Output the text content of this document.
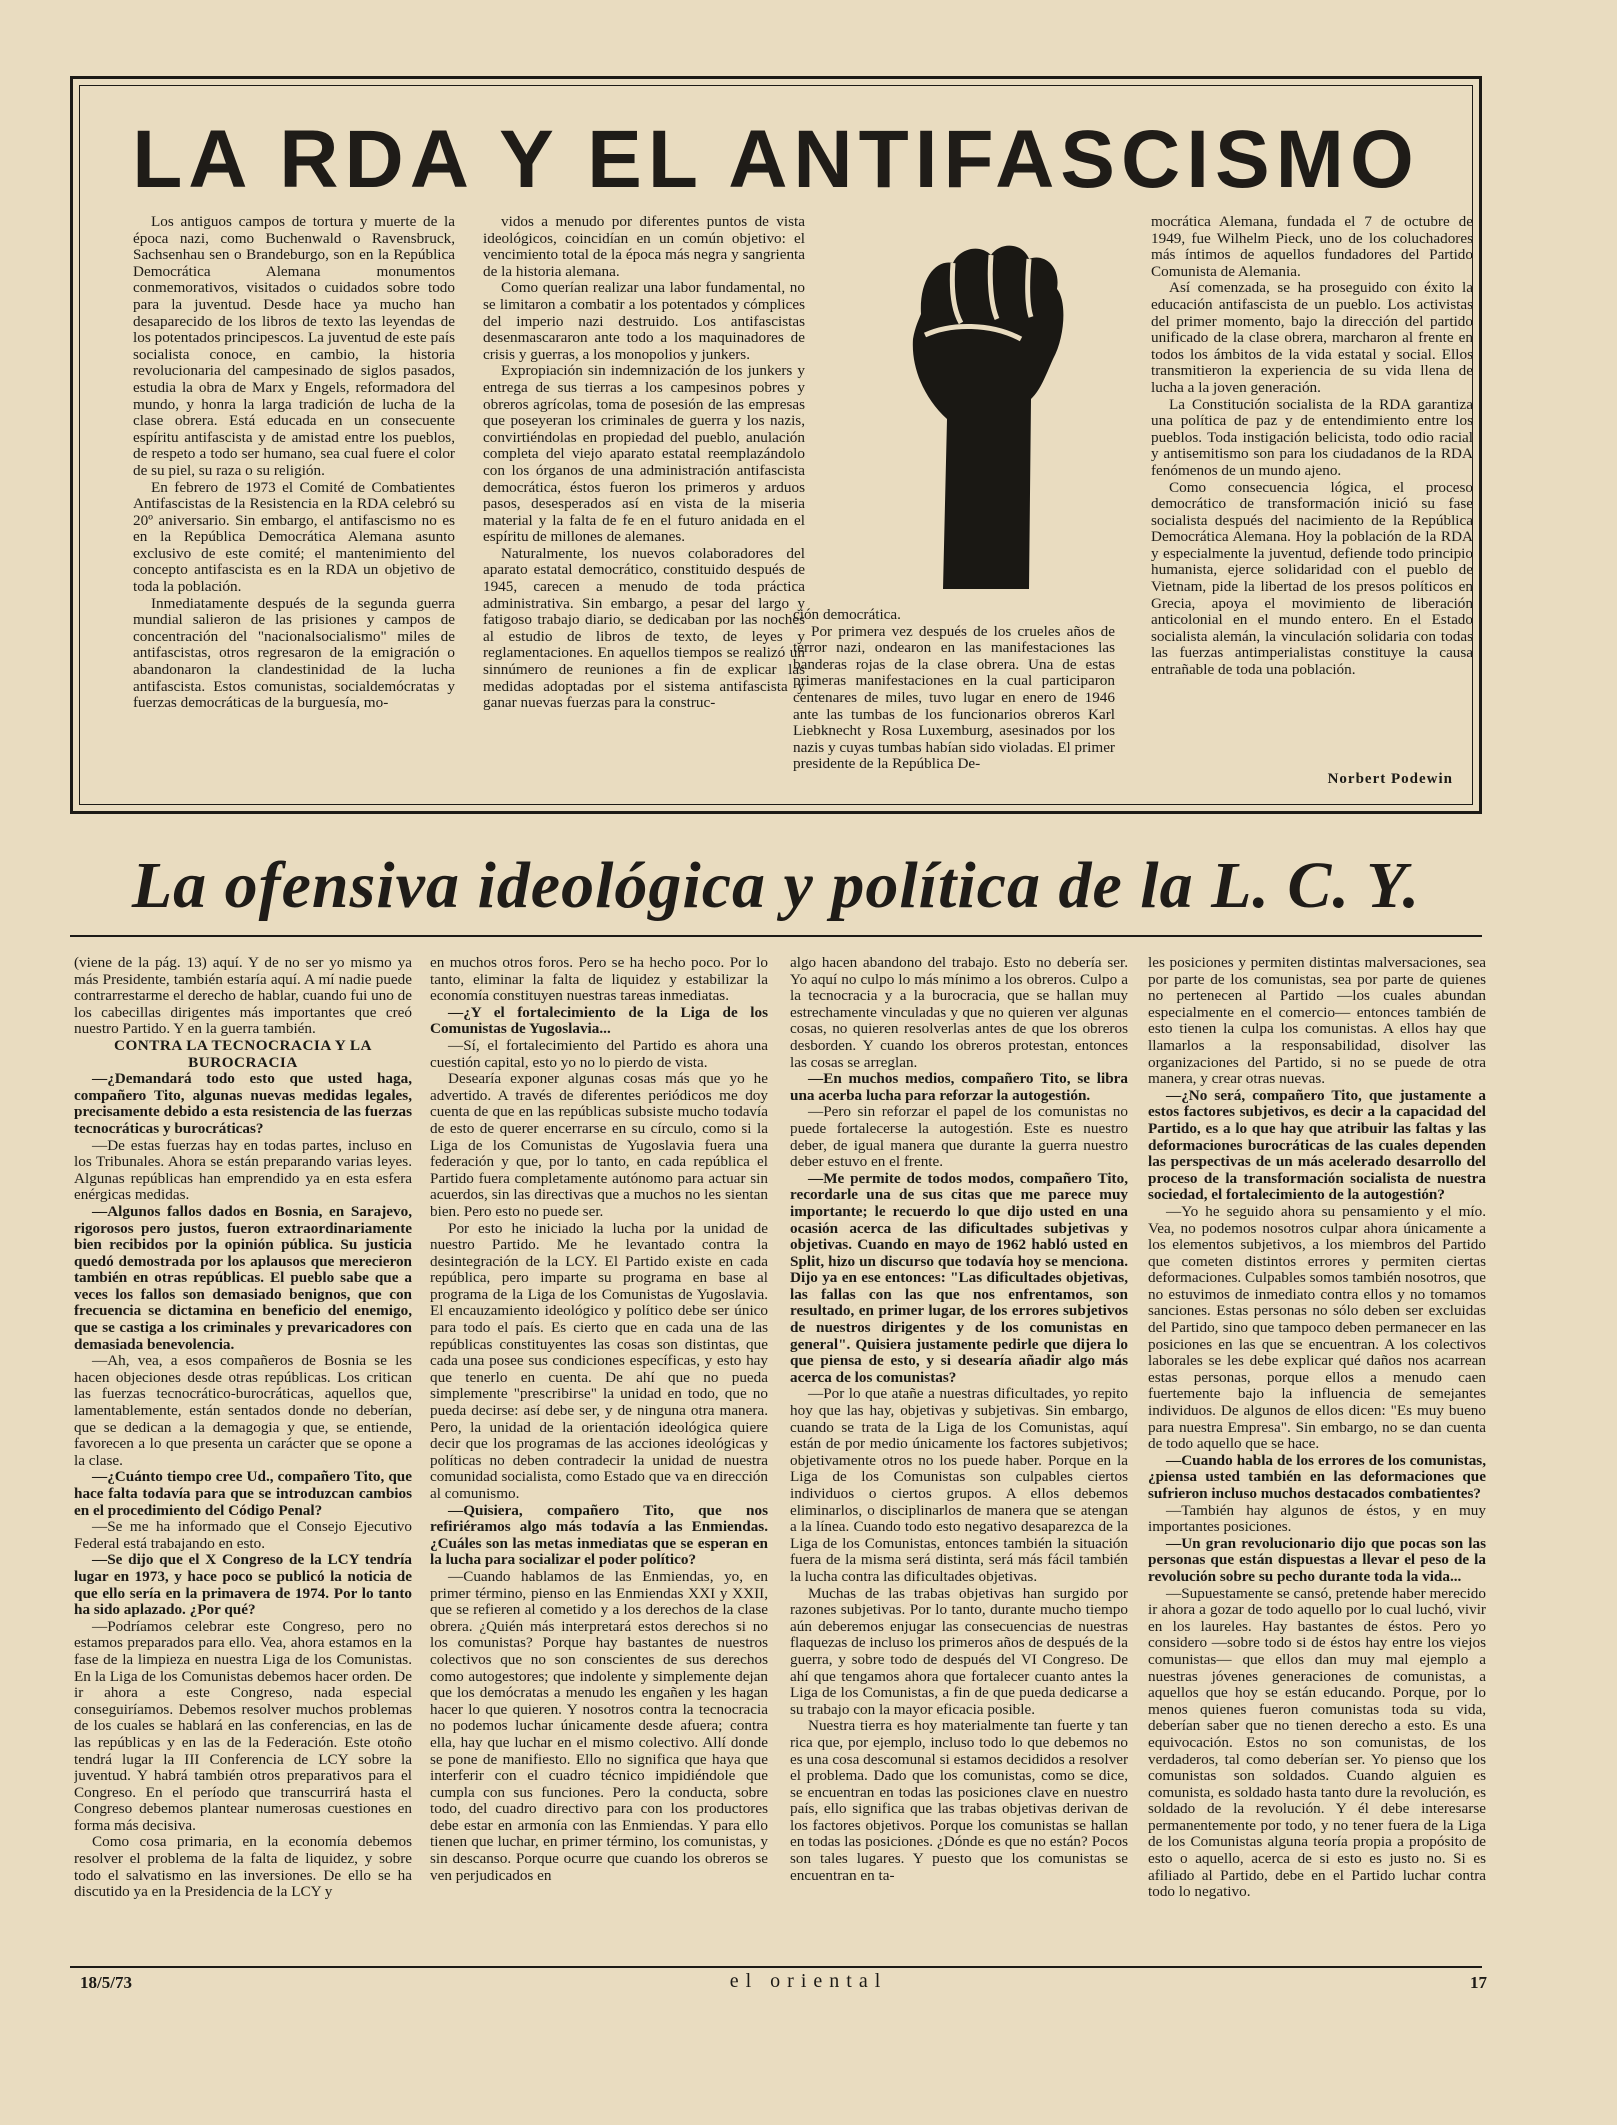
LA RDA Y EL ANTIFASCISMO

Los antiguos campos de tortura y muerte de la época nazi, como Buchenwald o Ravensbruck, Sachsenhau sen o Brandeburgo, son en la República Democrática Alemana monumentos conmemorativos, visitados o cuidados sobre todo para la juventud. Desde hace ya mucho han desaparecido de los libros de texto las leyendas de los potentados principescos. La juventud de este país socialista conoce, en cambio, la historia revolucionaria del campesinado de siglos pasados, estudia la obra de Marx y Engels, reformadora del mundo, y honra la larga tradición de lucha de la clase obrera. Está educada en un consecuente espíritu antifascista y de amistad entre los pueblos, de respeto a todo ser humano, sea cual fuere el color de su piel, su raza o su religión.

En febrero de 1973 el Comité de Combatientes Antifascistas de la Resistencia en la RDA celebró su 20º aniversario. Sin embargo, el antifascismo no es en la República Democrática Alemana asunto exclusivo de este comité; el mantenimiento del concepto antifascista es en la RDA un objetivo de toda la población.

Inmediatamente después de la segunda guerra mundial salieron de las prisiones y campos de concentración del "nacionalsocialismo" miles de antifascistas, otros regresaron de la emigración o abandonaron la clandestinidad de la lucha antifascista. Estos comunistas, socialdemócratas y fuerzas democráticas de la burguesía, mo-

vidos a menudo por diferentes puntos de vista ideológicos, coincidían en un común objetivo: el vencimiento total de la época más negra y sangrienta de la historia alemana.

Como querían realizar una labor fundamental, no se limitaron a combatir a los potentados y cómplices del imperio nazi destruido. Los antifascistas desenmascararon ante todo a los maquinadores de crisis y guerras, a los monopolios y junkers.

Expropiación sin indemnización de los junkers y entrega de sus tierras a los campesinos pobres y obreros agrícolas, toma de posesión de las empresas que poseyeran los criminales de guerra y los nazis, convirtiéndolas en propiedad del pueblo, anulación completa del viejo aparato estatal reemplazándolo con los órganos de una administración antifascista democrática, éstos fueron los primeros y arduos pasos, desesperados así en vista de la miseria material y la falta de fe en el futuro anidada en el espíritu de millones de alemanes.

Naturalmente, los nuevos colaboradores del aparato estatal democrático, constituido después de 1945, carecen a menudo de toda práctica administrativa. Sin embargo, a pesar del largo y fatigoso trabajo diario, se dedicaban por las noches al estudio de libros de texto, de leyes y reglamentaciones. En aquellos tiempos se realizó un sinnúmero de reuniones a fin de explicar las medidas adoptadas por el sistema antifascista y ganar nuevas fuerzas para la construc-

ción democrática.

Por primera vez después de los crueles años de terror nazi, ondearon en las manifestaciones las banderas rojas de la clase obrera. Una de estas primeras manifestaciones en la cual participaron centenares de miles, tuvo lugar en enero de 1946 ante las tumbas de los funcionarios obreros Karl Liebknecht y Rosa Luxemburg, asesinados por los nazis y cuyas tumbas habían sido violadas. El primer presidente de la República De-

mocrática Alemana, fundada el 7 de octubre de 1949, fue Wilhelm Pieck, uno de los coluchadores más íntimos de aquellos fundadores del Partido Comunista de Alemania.

Así comenzada, se ha proseguido con éxito la educación antifascista de un pueblo. Los activistas del primer momento, bajo la dirección del partido unificado de la clase obrera, marcharon al frente en todos los ámbitos de la vida estatal y social. Ellos transmitieron la experiencia de su vida llena de lucha a la joven generación.

La Constitución socialista de la RDA garantiza una política de paz y de entendimiento entre los pueblos. Toda instigación belicista, todo odio racial y antisemitismo son para los ciudadanos de la RDA fenómenos de un mundo ajeno.

Como consecuencia lógica, el proceso democrático de transformación inició su fase socialista después del nacimiento de la República Democrática Alemana. Hoy la población de la RDA y especialmente la juventud, defiende todo principio humanista, ejerce solidaridad con el pueblo de Vietnam, pide la libertad de los presos políticos en Grecia, apoya el movimiento de liberación anticolonial en el mundo entero. En el Estado socialista alemán, la vinculación solidaria con todas las fuerzas antimperialistas constituye la causa entrañable de toda una población.

Norbert Podewin
La ofensiva ideológica y política de la L. C. Y.

(viene de la pág. 13) aquí. Y de no ser yo mismo ya más Presidente, también estaría aquí. A mí nadie puede contrarrestarme el derecho de hablar, cuando fui uno de los cabecillas dirigentes más importantes que creó nuestro Partido. Y en la guerra también.

CONTRA LA TECNOCRACIA Y LA BUROCRACIA

—¿Demandará todo esto que usted haga, compañero Tito, algunas nuevas medidas legales, precisamente debido a esta resistencia de las fuerzas tecnocráticas y burocráticas?

—De estas fuerzas hay en todas partes, incluso en los Tribunales. Ahora se están preparando varias leyes. Algunas repúblicas han emprendido ya en esta esfera enérgicas medidas.

—Algunos fallos dados en Bosnia, en Sarajevo, rigorosos pero justos, fueron extraordinariamente bien recibidos por la opinión pública. Su justicia quedó demostrada por los aplausos que merecieron también en otras repúblicas. El pueblo sabe que a veces los fallos son demasiado benignos, que con frecuencia se dictamina en beneficio del enemigo, que se castiga a los criminales y prevaricadores con demasiada benevolencia.

—Ah, vea, a esos compañeros de Bosnia se les hacen objeciones desde otras repúblicas. Los critican las fuerzas tecnocrático-burocráticas, aquellos que, lamentablemente, están sentados donde no deberían, que se dedican a la demagogia y que, se entiende, favorecen a lo que presenta un carácter que se opone a la clase.

—¿Cuánto tiempo cree Ud., compañero Tito, que hace falta todavía para que se introduzcan cambios en el procedimiento del Código Penal?

—Se me ha informado que el Consejo Ejecutivo Federal está trabajando en esto.

—Se dijo que el X Congreso de la LCY tendría lugar en 1973, y hace poco se publicó la noticia de que ello sería en la primavera de 1974. Por lo tanto ha sido aplazado. ¿Por qué?

—Podríamos celebrar este Congreso, pero no estamos preparados para ello. Vea, ahora estamos en la fase de la limpieza en nuestra Liga de los Comunistas. En la Liga de los Comunistas debemos hacer orden. De ir ahora a este Congreso, nada especial conseguiríamos. Debemos resolver muchos problemas de los cuales se hablará en las conferencias, en las de las repúblicas y en las de la Federación. Este otoño tendrá lugar la III Conferencia de LCY sobre la juventud. Y habrá también otros preparativos para el Congreso. En el período que transcurrirá hasta el Congreso debemos plantear numerosas cuestiones en forma más decisiva.

Como cosa primaria, en la economía debemos resolver el problema de la falta de liquidez, y sobre todo el salvatismo en las inversiones. De ello se ha discutido ya en la Presidencia de la LCY y

en muchos otros foros. Pero se ha hecho poco. Por lo tanto, eliminar la falta de liquidez y estabilizar la economía constituyen nuestras tareas inmediatas.

—¿Y el fortalecimiento de la Liga de los Comunistas de Yugoslavia...

—Sí, el fortalecimiento del Partido es ahora una cuestión capital, esto yo no lo pierdo de vista.

Desearía exponer algunas cosas más que yo he advertido. A través de diferentes periódicos me doy cuenta de que en las repúblicas subsiste mucho todavía de esto de querer encerrarse en su círculo, como si la Liga de los Comunistas de Yugoslavia fuera una federación y que, por lo tanto, en cada república el Partido fuera completamente autónomo para actuar sin acuerdos, sin las directivas que a muchos no les sientan bien. Pero esto no puede ser.

Por esto he iniciado la lucha por la unidad de nuestro Partido. Me he levantado contra la desintegración de la LCY. El Partido existe en cada república, pero imparte su programa en base al programa de la Liga de los Comunistas de Yugoslavia. El encauzamiento ideológico y político debe ser único para todo el país. Es cierto que en cada una de las repúblicas constituyentes las cosas son distintas, que cada una posee sus condiciones específicas, y esto hay que tenerlo en cuenta. De ahí que no pueda simplemente "prescribirse" la unidad en todo, que no pueda decirse: así debe ser, y de ninguna otra manera. Pero, la unidad de la orientación ideológica quiere decir que los programas de las acciones ideológicas y políticas no deben contradecir la unidad de nuestra comunidad socialista, como Estado que va en dirección al comunismo.

—Quisiera, compañero Tito, que nos refiriéramos algo más todavía a las Enmiendas. ¿Cuáles son las metas inmediatas que se esperan en la lucha para socializar el poder político?

—Cuando hablamos de las Enmiendas, yo, en primer término, pienso en las Enmiendas XXI y XXII, que se refieren al cometido y a los derechos de la clase obrera. ¿Quién más interpretará estos derechos si no los comunistas? Porque hay bastantes de nuestros colectivos que no son conscientes de sus derechos como autogestores; que indolente y simplemente dejan que los demócratas a menudo les engañen y les hagan hacer lo que quieren. Y nosotros contra la tecnocracia no podemos luchar únicamente desde afuera; contra ella, hay que luchar en el mismo colectivo. Allí donde se pone de manifiesto. Ello no significa que haya que interferir con el cuadro técnico impidiéndole que cumpla con sus funciones. Pero la conducta, sobre todo, del cuadro directivo para con los productores debe estar en armonía con las Enmiendas. Y para ello tienen que luchar, en primer término, los comunistas, y sin descanso. Porque ocurre que cuando los obreros se ven perjudicados en

algo hacen abandono del trabajo. Esto no debería ser. Yo aquí no culpo lo más mínimo a los obreros. Culpo a la tecnocracia y a la burocracia, que se hallan muy estrechamente vinculadas y que no quieren ver algunas cosas, no quieren resolverlas antes de que los obreros desborden. Y cuando los obreros protestan, entonces las cosas se arreglan.

—En muchos medios, compañero Tito, se libra una acerba lucha para reforzar la autogestión.

—Pero sin reforzar el papel de los comunistas no puede fortalecerse la autogestión. Este es nuestro deber, de igual manera que durante la guerra nuestro deber estuvo en el frente.

—Me permite de todos modos, compañero Tito, recordarle una de sus citas que me parece muy importante; le recuerdo lo que dijo usted en una ocasión acerca de las dificultades subjetivas y objetivas. Cuando en mayo de 1962 habló usted en Split, hizo un discurso que todavía hoy se menciona. Dijo ya en ese entonces: "Las dificultades objetivas, las fallas con las que nos enfrentamos, son resultado, en primer lugar, de los errores subjetivos de nuestros dirigentes y de los comunistas en general". Quisiera justamente pedirle que dijera lo que piensa de esto, y si desearía añadir algo más acerca de los comunistas?

—Por lo que atañe a nuestras dificultades, yo repito hoy que las hay, objetivas y subjetivas. Sin embargo, cuando se trata de la Liga de los Comunistas, aquí están de por medio únicamente los factores subjetivos; objetivamente otros no los puede haber. Porque en la Liga de los Comunistas son culpables ciertos individuos o ciertos grupos. A ellos debemos eliminarlos, o disciplinarlos de manera que se atengan a la línea. Cuando todo esto negativo desaparezca de la Liga de los Comunistas, entonces también la situación fuera de la misma será distinta, será más fácil también la lucha contra las dificultades objetivas.

Muchas de las trabas objetivas han surgido por razones subjetivas. Por lo tanto, durante mucho tiempo aún deberemos enjugar las consecuencias de nuestras flaquezas de incluso los primeros años de después de la guerra, y sobre todo de después del VI Congreso. De ahí que tengamos ahora que fortalecer cuanto antes la Liga de los Comunistas, a fin de que pueda dedicarse a su trabajo con la mayor eficacia posible.

Nuestra tierra es hoy materialmente tan fuerte y tan rica que, por ejemplo, incluso todo lo que debemos no es una cosa descomunal si estamos decididos a resolver el problema. Dado que los comunistas, como se dice, se encuentran en todas las posiciones clave en nuestro país, ello significa que las trabas objetivas derivan de los factores objetivos. Porque los comunistas se hallan en todas las posiciones. ¿Dónde es que no están? Pocos son tales lugares. Y puesto que los comunistas se encuentran en ta-

les posiciones y permiten distintas malversaciones, sea por parte de los comunistas, sea por parte de quienes no pertenecen al Partido —los cuales abundan especialmente en el comercio— entonces también de esto tienen la culpa los comunistas. A ellos hay que llamarlos a la responsabilidad, disolver las organizaciones del Partido, si no se puede de otra manera, y crear otras nuevas.

—¿No será, compañero Tito, que justamente a estos factores subjetivos, es decir a la capacidad del Partido, es a lo que hay que atribuir las faltas y las deformaciones burocráticas de las cuales dependen las perspectivas de un más acelerado desarrollo del proceso de la transformación socialista de nuestra sociedad, el fortalecimiento de la autogestión?

—Yo he seguido ahora su pensamiento y el mío. Vea, no podemos nosotros culpar ahora únicamente a los elementos subjetivos, a los miembros del Partido que cometen distintos errores y permiten ciertas deformaciones. Culpables somos también nosotros, que no estuvimos de inmediato contra ellos y no tomamos sanciones. Estas personas no sólo deben ser excluidas del Partido, sino que tampoco deben permanecer en las posiciones en las que se encuentran. A los colectivos laborales se les debe explicar qué daños nos acarrean estas personas, porque ellos a menudo caen fuertemente bajo la influencia de semejantes individuos. De algunos de ellos dicen: "Es muy bueno para nuestra Empresa". Sin embargo, no se dan cuenta de todo aquello que se hace.

—Cuando habla de los errores de los comunistas, ¿piensa usted también en las deformaciones que sufrieron incluso muchos destacados combatientes?

—También hay algunos de éstos, y en muy importantes posiciones.

—Un gran revolucionario dijo que pocas son las personas que están dispuestas a llevar el peso de la revolución sobre su pecho durante toda la vida...

—Supuestamente se cansó, pretende haber merecido ir ahora a gozar de todo aquello por lo cual luchó, vivir en los laureles. Hay bastantes de éstos. Pero yo considero —sobre todo si de éstos hay entre los viejos comunistas— que ellos dan muy mal ejemplo a nuestras jóvenes generaciones de comunistas, a aquellos que hoy se están educando. Porque, por lo menos quienes fueron comunistas toda su vida, deberían saber que no tienen derecho a esto. Es una equivocación. Estos no son comunistas, de los verdaderos, tal como deberían ser. Yo pienso que los comunistas son soldados. Cuando alguien es comunista, es soldado hasta tanto dure la revolución, es soldado de la revolución. Y él debe interesarse permanentemente por todo, y no tener fuera de la Liga de los Comunistas alguna teoría propia a propósito de esto o aquello, acerca de si esto es justo no. Si es afiliado al Partido, debe en el Partido luchar contra todo lo negativo.

18/5/73	el oriental	17
